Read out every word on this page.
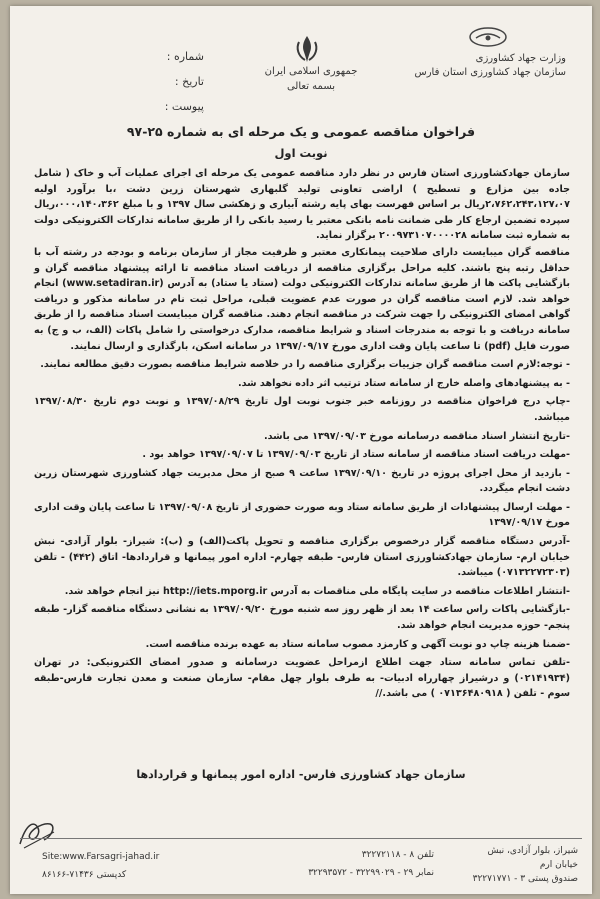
شماره :
تاریخ :
پیوست :
جمهوری اسلامی ایران
بسمه تعالی
وزارت جهاد کشاورزی
سازمان جهاد کشاورزی استان فارس
فراخوان مناقصه عمومی و یک مرحله ای به شماره ۲۵-۹۷
نوبت اول

سازمان جهادکشاورزی استان فارس در نظر دارد مناقصه عمومی یک مرحله ای اجرای عملیات آب و خاک ( شامل جاده بین مزارع و تسطیح ) اراضی تعاونی تولید گلبهاری شهرستان زرین دشت ،با برآورد اولیه ۲،۷۶۲،۲۴۳،۱۲۷،۰۷ریال بر اساس فهرست بهای پایه رشته آبیاری و زهکشی سال ۱۳۹۷ و با مبلغ ۰۰۰،۱۴۰،۳۶۲،ریال سپرده تضمین ارجاع کار طی ضمانت نامه بانکی معتبر یا رسید بانکی را از طریق سامانه تدارکات الکترونیکی دولت به شماره ثبت سامانه ۲۰۰۹۷۳۱۰۷۰۰۰۰۲۸ برگزار نماید.

مناقصه گران میبایست دارای صلاحیت پیمانکاری معتبر و ظرفیت مجاز از سازمان برنامه و بودجه در رشته آب با حداقل رتبه پنج باشند. کلیه مراحل برگزاری مناقصه از دریافت اسناد مناقصه تا ارائه پیشنهاد مناقصه گران و بازگشایی پاکت ها از طریق سامانه تدارکات الکترونیکی دولت (ستاد یا ستاد) به آدرس (www.setadiran.ir) انجام خواهد شد. لازم است مناقصه گران در صورت عدم عضویت قبلی، مراحل ثبت نام در سامانه مذکور و دریافت گواهی امضای الکترونیکی را جهت شرکت در مناقصه انجام دهند. مناقصه گران میبایست اسناد مناقصه را از طریق سامانه دریافت و با توجه به مندرجات اسناد و شرایط مناقصه، مدارک درخواستی را شامل پاکات (الف، ب و ج) به صورت فایل (pdf) تا ساعت پایان وقت اداری مورخ ۱۳۹۷/۰۹/۱۷ در سامانه اسکن، بارگذاری و ارسال نمایند.

- توجه:لازم است مناقصه گران جزییات برگزاری مناقصه را در خلاصه شرایط مناقصه بصورت دقیق مطالعه نمایند.

- به پیشنهادهای واصله خارج از سامانه ستاد ترتیب اثر داده نخواهد شد.

-چاپ درج فراخوان مناقصه در روزنامه خبر جنوب نوبت اول تاریخ ۱۳۹۷/۰۸/۲۹ و نوبت دوم تاریخ ۱۳۹۷/۰۸/۳۰ میباشد.

-تاریخ انتشار اسناد مناقصه درسامانه مورخ ۱۳۹۷/۰۹/۰۳ می باشد.

-مهلت دریافت اسناد مناقصه از سامانه ستاد از تاریخ ۱۳۹۷/۰۹/۰۳ تا ۱۳۹۷/۰۹/۰۷ خواهد بود .

- بازدید از محل اجرای پروژه در تاریخ ۱۳۹۷/۰۹/۱۰ ساعت ۹ صبح از محل مدیریت جهاد کشاورزی شهرستان زرین دشت انجام میگردد.

- مهلت ارسال پیشنهادات از طریق سامانه ستاد وبه صورت حضوری از تاریخ ۱۳۹۷/۰۹/۰۸ تا ساعت پایان وقت اداری مورخ ۱۳۹۷/۰۹/۱۷

-آدرس دستگاه مناقصه گزار درخصوص برگزاری مناقصه و تحویل پاکت(الف) و (ب): شیراز- بلوار آزادی- نبش خیابان ارم- سازمان جهادکشاورزی استان فارس- طبقه چهارم- اداره امور پیمانها و قراردادها- اتاق (۴۴۲) - تلفن (۰۷۱۳۲۲۷۲۳۰۳) میباشد.

-انتشار اطلاعات مناقصه در سایت پایگاه ملی مناقصات به آدرس http://iets.mporg.ir نیز انجام خواهد شد.

-بازگشایی پاکات راس ساعت ۱۴ بعد از ظهر روز سه شنبه مورخ ۱۳۹۷/۰۹/۲۰ به نشانی دستگاه مناقصه گزار- طبقه پنجم- حوزه مدیریت انجام خواهد شد.

-ضمنا هزینه چاپ دو نوبت آگهی و کارمزد مصوب سامانه ستاد به عهده برنده مناقصه است.

-تلفن تماس سامانه ستاد جهت اطلاع ازمراحل عضویت درسامانه و صدور امضای الکترونیکی: در تهران (۰۲۱۴۱۹۳۴) و درشیراز چهارراه ادبیات- به طرف بلوار چهل مقام- سازمان صنعت و معدن تجارت فارس-طبقه سوم - تلفن ( ۰۷۱۳۶۴۸۰۹۱۸ ) می باشد.//

سازمان جهاد کشاورزی فارس- اداره امور پیمانها و قراردادها
شیراز، بلوار آزادی، نبش خیابان ارم
صندوق پستی ۳ - ۳۲۲۷۱۷۷۱
تلفن ۸ - ۳۲۲۷۲۱۱۸
نمابر ۲۹ - ۳۲۲۹۹۰۲۹ - ۳۲۲۹۳۵۷۲
Site:www.Farsagri-jahad.ir
کدپستی ۷۱۴۳۶-۸۶۱۶۶
